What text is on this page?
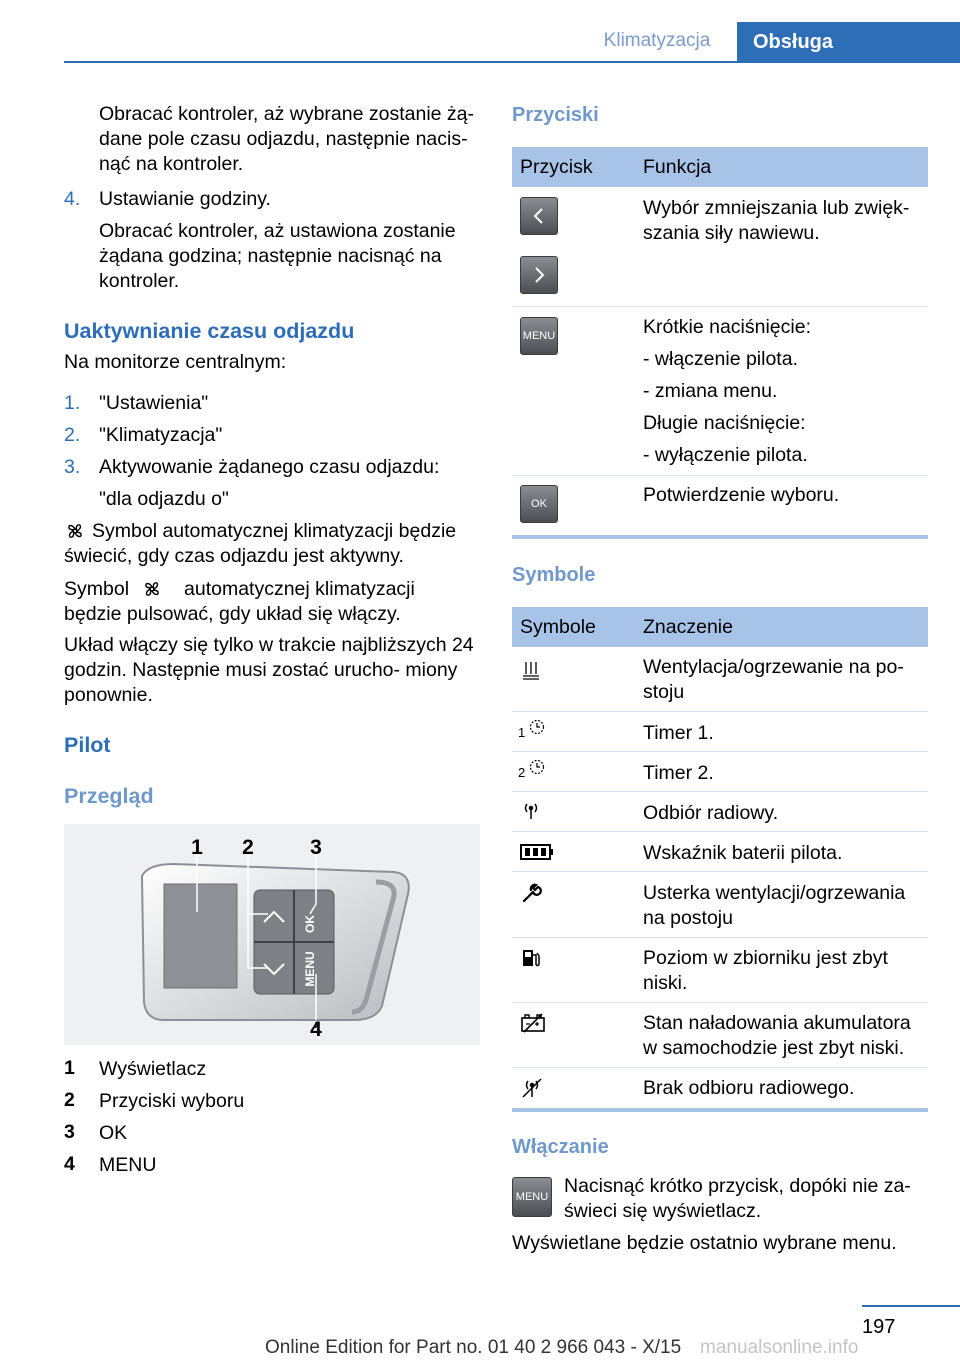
Klimatyzacja	Obsługa
Obracać kontroler, aż wybrane zostanie żą‐ dane pole czasu odjazdu, następnie nacis‐ nąć na kontroler.
4. Ustawianie godziny.
Obracać kontroler, aż ustawiona zostanie żądana godzina; następnie nacisnąć na kontroler.
Uaktywnianie czasu odjazdu
Na monitorze centralnym:
1. "Ustawienia"
2. "Klimatyzacja"
3. Aktywowanie żądanego czasu odjazdu:
"dla odjazdu o"
Symbol automatycznej klimatyzacji będzie świecić, gdy czas odjazdu jest aktywny.
Symbol	automatycznej klimatyzacji będzie pulsować, gdy układ się włączy.
Układ włączy się tylko w trakcie najbliższych 24 godzin. Następnie musi zostać urucho‐ miony ponownie.
Pilot
Przegląd
1 2	3
4
OK
MENU
1 Wyświetlacz
2 Przyciski wyboru
3 OK
4 MENU
Przyciski
Przycisk	Funkcja
Wybór zmniejszania lub zwięk‐ szania siły nawiewu.
MENU	Krótkie naciśnięcie:
- włączenie pilota.
- zmiana menu.
Długie naciśnięcie:
- wyłączenie pilota.
OK	Potwierdzenie wyboru.
Symbole
Symbole Znaczenie
Wentylacja/ogrzewanie na po‐ stoju
1	Timer 1.
2	Timer 2.
Odbiór radiowy.
Wskaźnik baterii pilota.
Usterka wentylacji/ogrzewania na postoju
Poziom w zbiorniku jest zbyt niski.
Stan naładowania akumulatora w samochodzie jest zbyt niski.
Brak odbioru radiowego.
Włączanie
MENU Nacisnąć krótko przycisk, dopóki nie za‐ świeci się wyświetlacz.
Wyświetlane będzie ostatnio wybrane menu.
197
Online Edition for Part no. 01 40 2 966 043 - X/15 manualsonline.info
